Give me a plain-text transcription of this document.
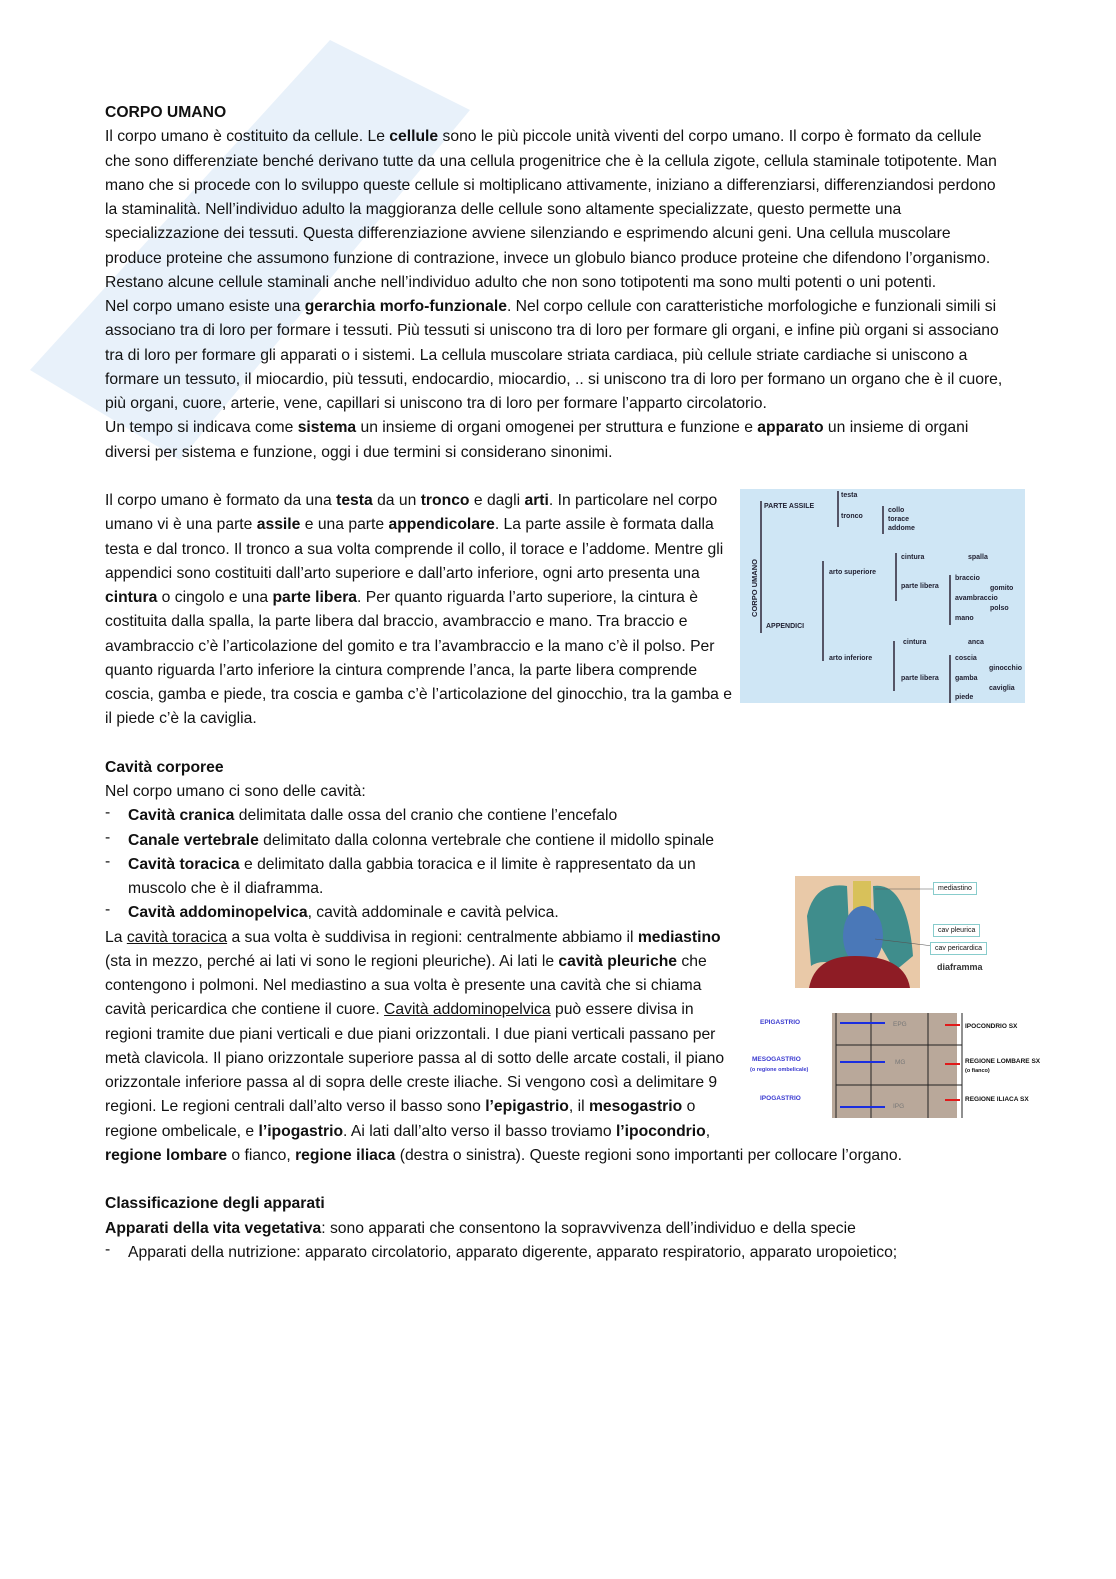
CORPO UMANO

Il corpo umano è costituito da cellule. Le cellule sono le più piccole unità viventi del corpo umano. Il corpo è formato da cellule che sono differenziate benché derivano tutte da una cellula progenitrice che è la cellula zigote, cellula staminale totipotente. Man mano che si procede con lo sviluppo queste cellule si moltiplicano attivamente, iniziano a differenziarsi, differenziandosi perdono la staminalità. Nell’individuo adulto la maggioranza delle cellule sono altamente specializzate, questo permette una specializzazione dei tessuti. Questa differenziazione avviene silenziando e esprimendo alcuni geni. Una cellula muscolare produce proteine che assumono funzione di contrazione, invece un globulo bianco produce proteine che difendono l’organismo. Restano alcune cellule staminali anche nell’individuo adulto che non sono totipotenti ma sono multi potenti o uni potenti.

Nel corpo umano esiste una gerarchia morfo-funzionale. Nel corpo cellule con caratteristiche morfologiche e funzionali simili si associano tra di loro per formare i tessuti. Più tessuti si uniscono tra di loro per formare gli organi, e infine più organi si associano tra di loro per formare gli apparati o i sistemi. La cellula muscolare striata cardiaca, più cellule striate cardiache si uniscono a formare un tessuto, il miocardio, più tessuti, endocardio, miocardio, .. si uniscono tra di loro per formano un organo che è il cuore, più organi, cuore, arterie, vene, capillari si uniscono tra di loro per formare l’apparto circolatorio.

Un tempo si indicava come sistema un insieme di organi omogenei per struttura e funzione e apparato un insieme di organi diversi per sistema e funzione, oggi i due termini si considerano sinonimi.

CORPO UMANO
PARTE ASSILE
APPENDICI
testa
tronco
collo
torace
addome
arto superiore
arto inferiore
cintura
parte libera
spalla
braccio
gomito
avambraccio
polso
mano
cintura	anca
parte libera
coscia
ginocchio
gamba
caviglia
piede

Il corpo umano è formato da una testa da un tronco e dagli arti. In particolare nel corpo umano vi è una parte assile e una parte appendicolare. La parte assile è formata dalla testa e dal tronco. Il tronco a sua volta comprende il collo, il torace e l’addome. Mentre gli appendici sono costituiti dall’arto superiore e dall’arto inferiore, ogni arto presenta una cintura o cingolo e una parte libera. Per quanto riguarda l’arto superiore, la cintura è costituita dalla spalla, la parte libera dal braccio, avambraccio e mano. Tra braccio e avambraccio c’è l’articolazione del gomito e tra l’avambraccio e la mano c’è il polso. Per quanto riguarda l’arto inferiore la cintura comprende l’anca, la parte libera comprende coscia, gamba e piede, tra coscia e gamba c’è l’articolazione del ginocchio, tra la gamba e il piede c’è la caviglia.

Cavità corporee

Nel corpo umano ci sono delle cavità:

- Cavità cranica delimitata dalle ossa del cranio che contiene l’encefalo
- Canale vertebrale delimitato dalla colonna vertebrale che contiene il midollo spinale
- mediastino
cav pleurica
cav pericardica
diaframma
EPG
MG
IPG
EPIGASTRIO
MESOGASTRIO
(o regione ombelicale)
IPOGASTRIO
IPOCONDRIO SX
REGIONE LOMBARE SX
(o fianco)
REGIONE ILIACA SX
Cavità toracica e delimitato dalla gabbia toracica e il limite è rappresentato da un muscolo che è il diaframma.
- Cavità addominopelvica, cavità addominale e cavità pelvica.

La cavità toracica a sua volta è suddivisa in regioni: centralmente abbiamo il mediastino (sta in mezzo, perché ai lati vi sono le regioni pleuriche). Ai lati le cavità pleuriche che contengono i polmoni. Nel mediastino a sua volta è presente una cavità che si chiama cavità pericardica che contiene il cuore. Cavità addominopelvica può essere divisa in regioni tramite due piani verticali e due piani orizzontali. I due piani verticali passano per metà clavicola. Il piano orizzontale superiore passa al di sotto delle arcate costali, il piano orizzontale inferiore passa al di sopra delle creste iliache. Si vengono così a delimitare 9 regioni. Le regioni centrali dall’alto verso il basso sono l’epigastrio, il mesogastrio o regione ombelicale, e l’ipogastrio. Ai lati dall’alto verso il basso troviamo l’ipocondrio, regione lombare o fianco, regione iliaca (destra o sinistra). Queste regioni sono importanti per collocare l’organo.

Classificazione degli apparati

Apparati della vita vegetativa: sono apparati che consentono la sopravvivenza dell’individuo e della specie

- Apparati della nutrizione: apparato circolatorio, apparato digerente, apparato respiratorio, apparato uropoietico;
